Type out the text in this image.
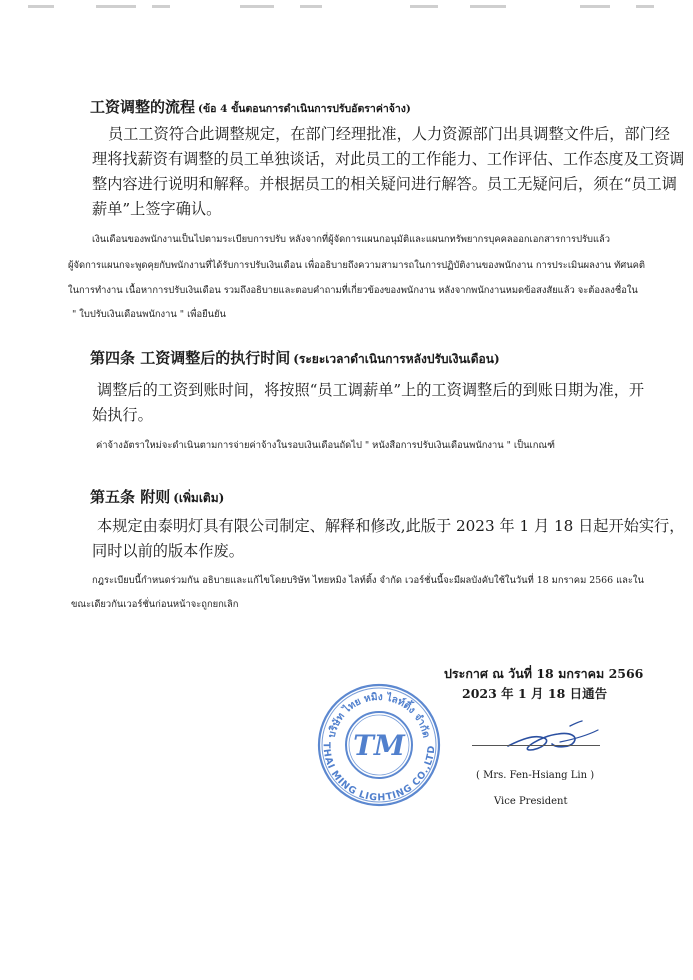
工资调整的流程 (ข้อ 4 ขั้นตอนการดำเนินการปรับอัตราค่าจ้าง)
员工工资符合此调整规定，在部门经理批准，人力资源部门出具调整文件后，部门经
理将找薪资有调整的员工单独谈话，对此员工的工作能力、工作评估、工作态度及工资调
整内容进行说明和解释。并根据员工的相关疑问进行解答。员工无疑问后，须在“员工调
薪单”上签字确认。
เงินเดือนของพนักงานเป็นไปตามระเบียบการปรับ หลังจากที่ผู้จัดการแผนกอนุมัติและแผนกทรัพยากรบุคคลออกเอกสารการปรับแล้ว
ผู้จัดการแผนกจะพูดคุยกับพนักงานที่ได้รับการปรับเงินเดือน เพื่ออธิบายถึงความสามารถในการปฏิบัติงานของพนักงาน การประเมินผลงาน ทัศนคติ
ในการทำงาน เนื้อหาการปรับเงินเดือน รวมถึงอธิบายและตอบคำถามที่เกี่ยวข้องของพนักงาน หลังจากพนักงานหมดข้อสงสัยแล้ว จะต้องลงชื่อใน
" ใบปรับเงินเดือนพนักงาน " เพื่อยืนยัน
第四条 工资调整后的执行时间 (ระยะเวลาดำเนินการหลังปรับเงินเดือน)
调整后的工资到账时间，将按照“员工调薪单”上的工资调整后的到账日期为准，开
始执行。
ค่าจ้างอัตราใหม่จะดำเนินตามการจ่ายค่าจ้างในรอบเงินเดือนถัดไป " หนังสือการปรับเงินเดือนพนักงาน " เป็นเกณฑ์
第五条 附则 (เพิ่มเติม)
本规定由泰明灯具有限公司制定、解释和修改,此版于 2023 年 1 月 18 日起开始实行，
同时以前的版本作废。
กฎระเบียบนี้กำหนดร่วมกัน อธิบายและแก้ไขโดยบริษัท ไทยหมิง ไลท์ติ้ง จำกัด เวอร์ชั่นนี้จะมีผลบังคับใช้ในวันที่ 18 มกราคม 2566 และใน
ขณะเดียวกันเวอร์ชั่นก่อนหน้าจะถูกยกเลิก
ประกาศ ณ วันที่ 18 มกราคม 2566
2023 年 1 月 18 日通告
บริษัท ไทย หมิง ไลท์ติ้ง จำกัด
THAI MING LIGHTING CO.,LTD
TM
( Mrs. Fen-Hsiang Lin )
Vice President
